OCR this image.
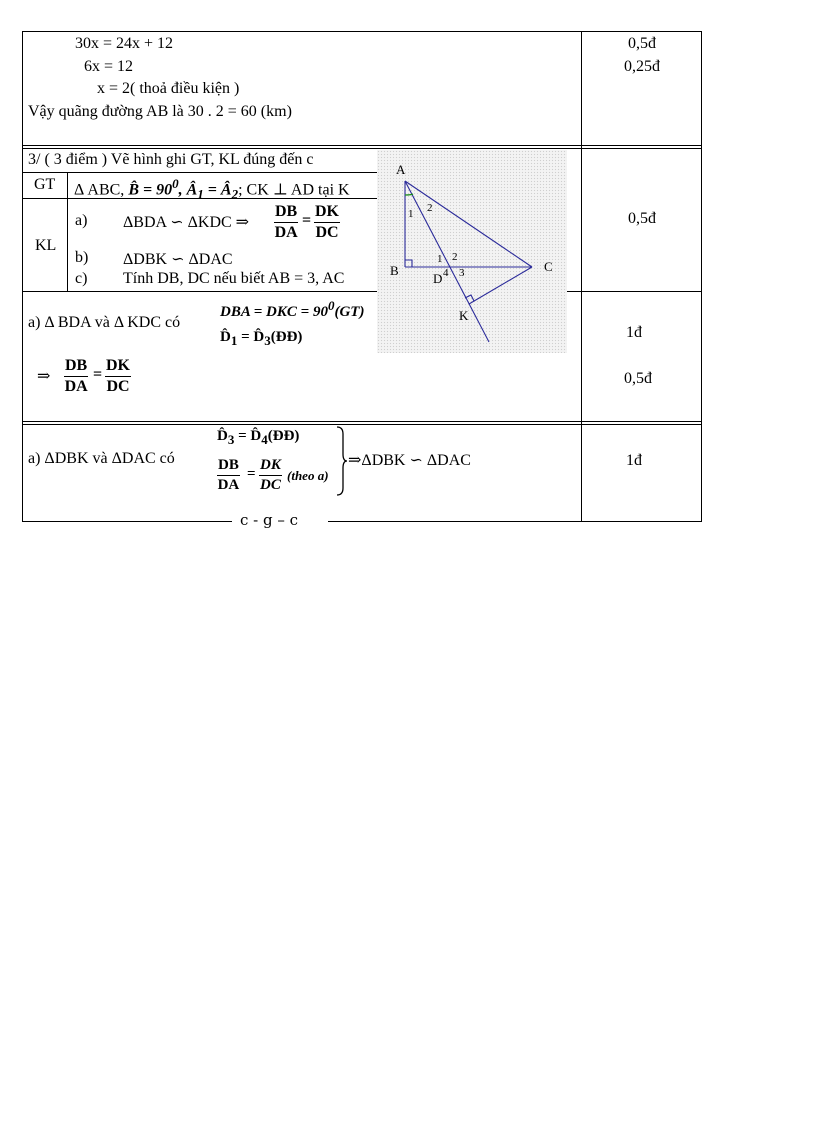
30x = 24x + 12
6x = 12
x = 2( thoả điều kiện )
Vậy quãng đường AB là 30 . 2 = 60 (km)
0,5đ
0,25đ
3/ ( 3 điểm ) Vẽ hình ghi GT, KL đúng đến c
GT Δ ABC, B̂ = $90^0$, $Â_1$ = $Â_2$; CK ⊥ AD tại K
KL
a) ΔBDA ∽ ΔKDC ⇒ $\frac{DB}{DA} = \frac{DK}{DC}$
b) ΔDBK ∽ ΔDAC
c) Tính DB, DC nếu biết AB = 3, AC
0,5đ
a) Δ BDA và Δ KDC có
DBA = DKC = $90^0(GT)$
$D̂_1$ = $D̂_3(ĐĐ)$
⇒ $\frac{DB}{DA} = \frac{DK}{DC}$
1đ
0,5đ
a) ΔDBK và ΔDAC có
$D̂_3$ = $D̂_4(ĐĐ)$
$\frac{DB}{DA} = \frac{DK}{DC}$ (theo a)
⇒ΔDBK ∽ ΔDAC	1đ
c - g – c
A
B	C
D
K
1 2
1 2
3
4
